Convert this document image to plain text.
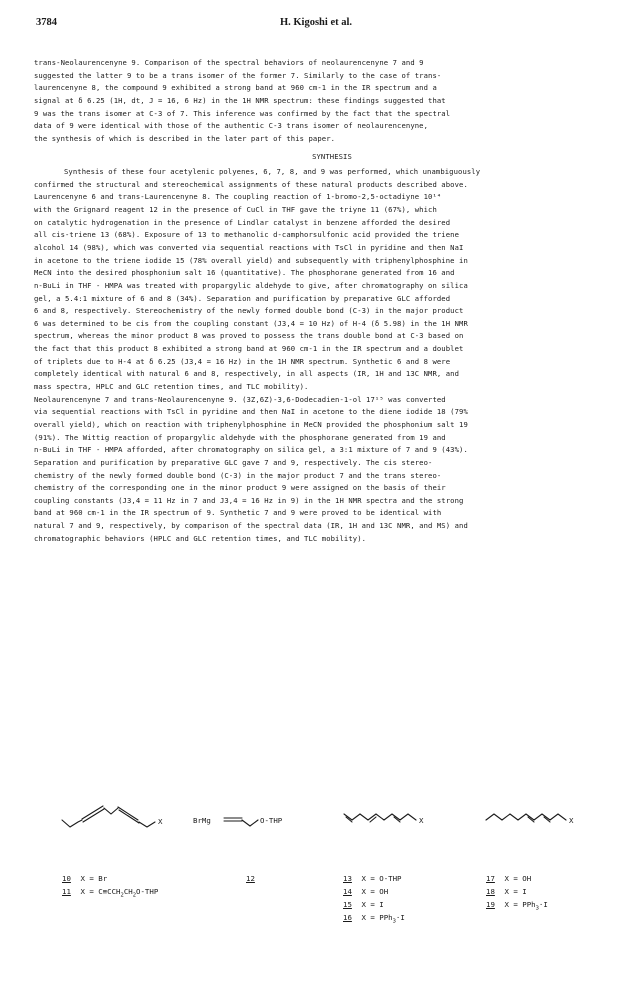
3784	H. Kigoshi et al.
trans-Neolaurencenyne 9. Comparison of the spectral behaviors of neolaurencenyne 7 and 9
suggested the latter 9 to be a trans isomer of the former 7. Similarly to the case of trans-
laurencenyne 8, the compound 9 exhibited a strong band at 960 cm-1 in the IR spectrum and a
signal at δ 6.25 (1H, dt, J = 16, 6 Hz) in the 1H NMR spectrum: these findings suggested that
9 was the trans isomer at C-3 of 7. This inference was confirmed by the fact that the spectral
data of 9 were identical with those of the authentic C-3 trans isomer of neolaurencenyne,
the synthesis of which is described in the later part of this paper.
SYNTHESIS
Synthesis of these four acetylenic polyenes, 6, 7, 8, and 9 was performed, which unambiguously
confirmed the structural and stereochemical assignments of these natural products described above.
Laurencenyne 6 and trans-Laurencenyne 8. The coupling reaction of 1-bromo-2,5-octadiyne 10¹⁴
with the Grignard reagent 12 in the presence of CuCl in THF gave the triyne 11 (67%), which
on catalytic hydrogenation in the presence of Lindlar catalyst in benzene afforded the desired
all cis-triene 13 (68%). Exposure of 13 to methanolic d-camphorsulfonic acid provided the triene
alcohol 14 (98%), which was converted via sequential reactions with TsCl in pyridine and then NaI
in acetone to the triene iodide 15 (78% overall yield) and subsequently with triphenylphosphine in
MeCN into the desired phosphonium salt 16 (quantitative). The phosphorane generated from 16 and
n-BuLi in THF - HMPA was treated with propargylic aldehyde to give, after chromatography on silica
gel, a 5.4:1 mixture of 6 and 8 (34%). Separation and purification by preparative GLC afforded
6 and 8, respectively. Stereochemistry of the newly formed double bond (C-3) in the major product
6 was determined to be cis from the coupling constant (J3,4 = 10 Hz) of H-4 (δ 5.98) in the 1H NMR
spectrum, whereas the minor product 8 was proved to possess the trans double bond at C-3 based on
the fact that this product 8 exhibited a strong band at 960 cm-1 in the IR spectrum and a doublet
of triplets due to H-4 at δ 6.25 (J3,4 = 16 Hz) in the 1H NMR spectrum. Synthetic 6 and 8 were
completely identical with natural 6 and 8, respectively, in all aspects (IR, 1H and 13C NMR, and
mass spectra, HPLC and GLC retention times, and TLC mobility).
Neolaurencenyne 7 and trans-Neolaurencenyne 9. (3Z,6Z)-3,6-Dodecadien-1-ol 17¹⁵ was converted
via sequential reactions with TsCl in pyridine and then NaI in acetone to the diene iodide 18 (79%
overall yield), which on reaction with triphenylphosphine in MeCN provided the phosphonium salt 19
(91%). The Wittig reaction of propargylic aldehyde with the phosphorane generated from 19 and
n-BuLi in THF - HMPA afforded, after chromatography on silica gel, a 3:1 mixture of 7 and 9 (43%).
Separation and purification by preparative GLC gave 7 and 9, respectively. The cis stereo-
chemistry of the newly formed double bond (C-3) in the major product 7 and the trans stereo-
chemistry of the corresponding one in the minor product 9 were assigned on the basis of their
coupling constants (J3,4 = 11 Hz in 7 and J3,4 = 16 Hz in 9) in the 1H NMR spectra and the strong
band at 960 cm-1 in the IR spectrum of 9. Synthetic 7 and 9 were proved to be identical with
natural 7 and 9, respectively, by comparison of the spectral data (IR, 1H and 13C NMR, and MS) and
chromatographic behaviors (HPLC and GLC retention times, and TLC mobility).
X	BrMg	O-THP	X	X
10 X = Br
11 $X = C\equiv CCH_2CH_2O$-THP
12	13 X = O-THP
14 X = OH
15 X = I
16 X = PPh$_3$·I
17 X = OH
18 X = I
19 X = PPh$_3$·I
